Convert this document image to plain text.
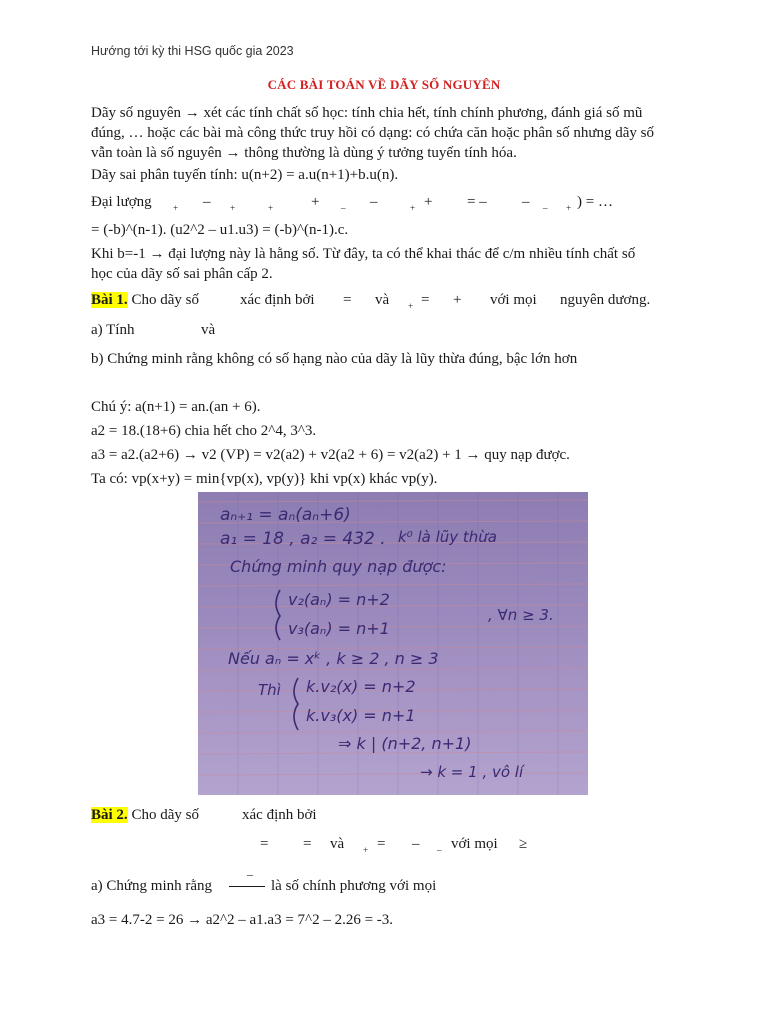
Hướng tới kỳ thi HSG quốc gia 2023
CÁC BÀI TOÁN VỀ DÃY SỐ NGUYÊN
Dãy số nguyên → xét các tính chất số học: tính chia hết, tính chính phương, đánh giá số mũ
đúng, … hoặc các bài mà công thức truy hồi có dạng: có chứa căn hoặc phân số nhưng dãy số
vẫn toàn là số nguyên → thông thường là dùng ý tưởng tuyến tính hóa.
Dãy sai phân tuyến tính: u(n+2) = a.u(n+1)+b.u(n).
Đại lượng $_+$ – $_+$	$_+$	+ $_-$ –	$_+$ + = – – $_-$ $_+$ ) = …
= (-b)^(n-1). (u2^2 – u1.u3) = (-b)^(n-1).c.
Khi b=-1 → đại lượng này là hằng số. Từ đây, ta có thể khai thác để c/m nhiều tính chất số
học của dãy số sai phân cấp 2.
Bài 1. Cho dãy số	xác định bởi = và $_+$ = + với mọi nguyên dương.
a) Tính	và
b) Chứng minh rằng không có số hạng nào của dãy là lũy thừa đúng, bậc lớn hơn
Chú ý: a(n+1) = an.(an + 6).
a2 = 18.(18+6) chia hết cho 2^4, 3^3.
a3 = a2.(a2+6) → v2 (VP) = v2(a2) + v2(a2 + 6) = v2(a2) + 1 → quy nạp được.
Ta có: vp(x+y) = min{vp(x), vp(y)} khi vp(x) khác vp(y).
aₙ₊₁ = aₙ(aₙ+6)
a₁ = 18 , a₂ = 432 . k⁰ là lũy thừa
Chứng minh quy nạp được:
v₂(aₙ) = n+2
, ∀n ≥ 3.
v₃(aₙ) = n+1
Nếu aₙ = xᵏ , k ≥ 2 , n ≥ 3
Thì k.v₂(x) = n+2
k.v₃(x) = n+1
⇒ k | (n+2, n+1)
→ k = 1 , vô lí
Bài 2. Cho dãy số	xác định bởi
= = và $_+$ = – $_-$ với mọi ≥
a) Chứng minh rằng
–
là số chính phương với mọi
a3 = 4.7-2 = 26 → a2^2 – a1.a3 = 7^2 – 2.26 = -3.
